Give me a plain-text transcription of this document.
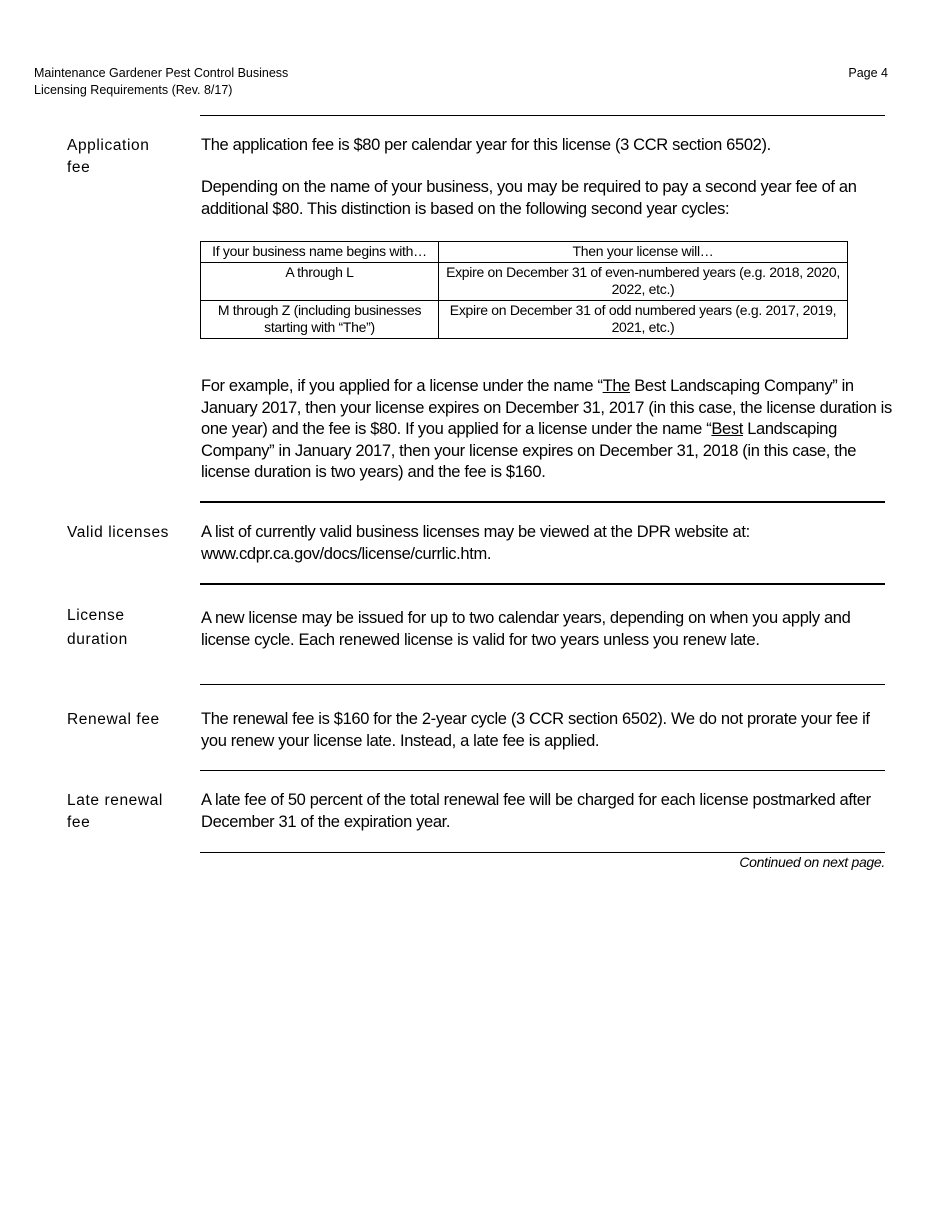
Maintenance Gardener Pest Control Business
Licensing Requirements (Rev. 8/17)
Page 4
Application fee
The application fee is $80 per calendar year for this license (3 CCR section 6502).
Depending on the name of your business, you may be required to pay a second year fee of an additional $80. This distinction is based on the following second year cycles:
If your business name begins with…	Then your license will…
A through L	Expire on December 31 of even-numbered years (e.g. 2018, 2020, 2022, etc.)
M through Z (including businesses starting with “The”)	Expire on December 31 of odd numbered years (e.g. 2017, 2019, 2021, etc.)
For example, if you applied for a license under the name “The Best Landscaping Company” in January 2017, then your license expires on December 31, 2017 (in this case, the license duration is one year) and the fee is $80. If you applied for a license under the name “Best Landscaping Company” in January 2017, then your license expires on December 31, 2018 (in this case, the license duration is two years) and the fee is $160.
Valid licenses	A list of currently valid business licenses may be viewed at the DPR website at: www.cdpr.ca.gov/docs/license/currlic.htm.
License duration
A new license may be issued for up to two calendar years, depending on when you apply and license cycle. Each renewed license is valid for two years unless you renew late.
Renewal fee	The renewal fee is $160 for the 2-year cycle (3 CCR section 6502). We do not prorate your fee if you renew your license late. Instead, a late fee is applied.
Late renewal fee
A late fee of 50 percent of the total renewal fee will be charged for each license postmarked after December 31 of the expiration year.
Continued on next page.
